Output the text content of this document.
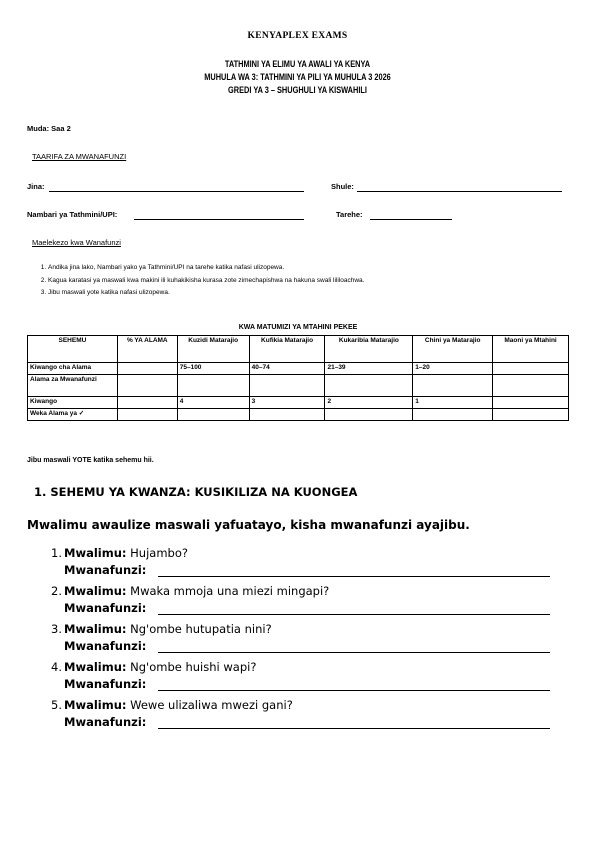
KENYAPLEX EXAMS
TATHMINI YA ELIMU YA AWALI YA KENYA
MUHULA WA 3: TATHMINI YA PILI YA MUHULA 3 2026
GREDI YA 3 – SHUGHULI YA KISWAHILI
Muda: Saa 2
TAARIFA ZA MWANAFUNZI
Jina:	Shule:
Nambari ya Tathmini/UPI:	Tarehe:
Maelekezo kwa Wanafunzi
1. Andika jina lako, Nambari yako ya Tathmini/UPI na tarehe katika nafasi ulizopewa.
2. Kagua karatasi ya maswali kwa makini ili kuhakikisha kurasa zote zimechapishwa na hakuna swali lililoachwa.
3. Jibu maswali yote katika nafasi ulizopewa.
KWA MATUMIZI YA MTAHINI PEKEE
SEHEMU	% YA ALAMA	Kuzidi Matarajio	Kufikia Matarajio	Kukaribia Matarajio	Chini ya Matarajio	Maoni ya Mtahini
Kiwango cha Alama		75–100	40–74	21–39	1–20	
Alama za Mwanafunzi						
Kiwango		4	3	2	1	
Weka Alama ya ✓						
Jibu maswali YOTE katika sehemu hii.
1. SEHEMU YA KWANZA: KUSIKILIZA NA KUONGEA
Mwalimu awaulize maswali yafuatayo, kisha mwanafunzi ayajibu.
1. Mwalimu: Hujambo?
Mwanafunzi:
2. Mwalimu: Mwaka mmoja una miezi mingapi?
Mwanafunzi:
3. Mwalimu: Ng'ombe hutupatia nini?
Mwanafunzi:
4. Mwalimu: Ng'ombe huishi wapi?
Mwanafunzi:
5. Mwalimu: Wewe ulizaliwa mwezi gani?
Mwanafunzi:
